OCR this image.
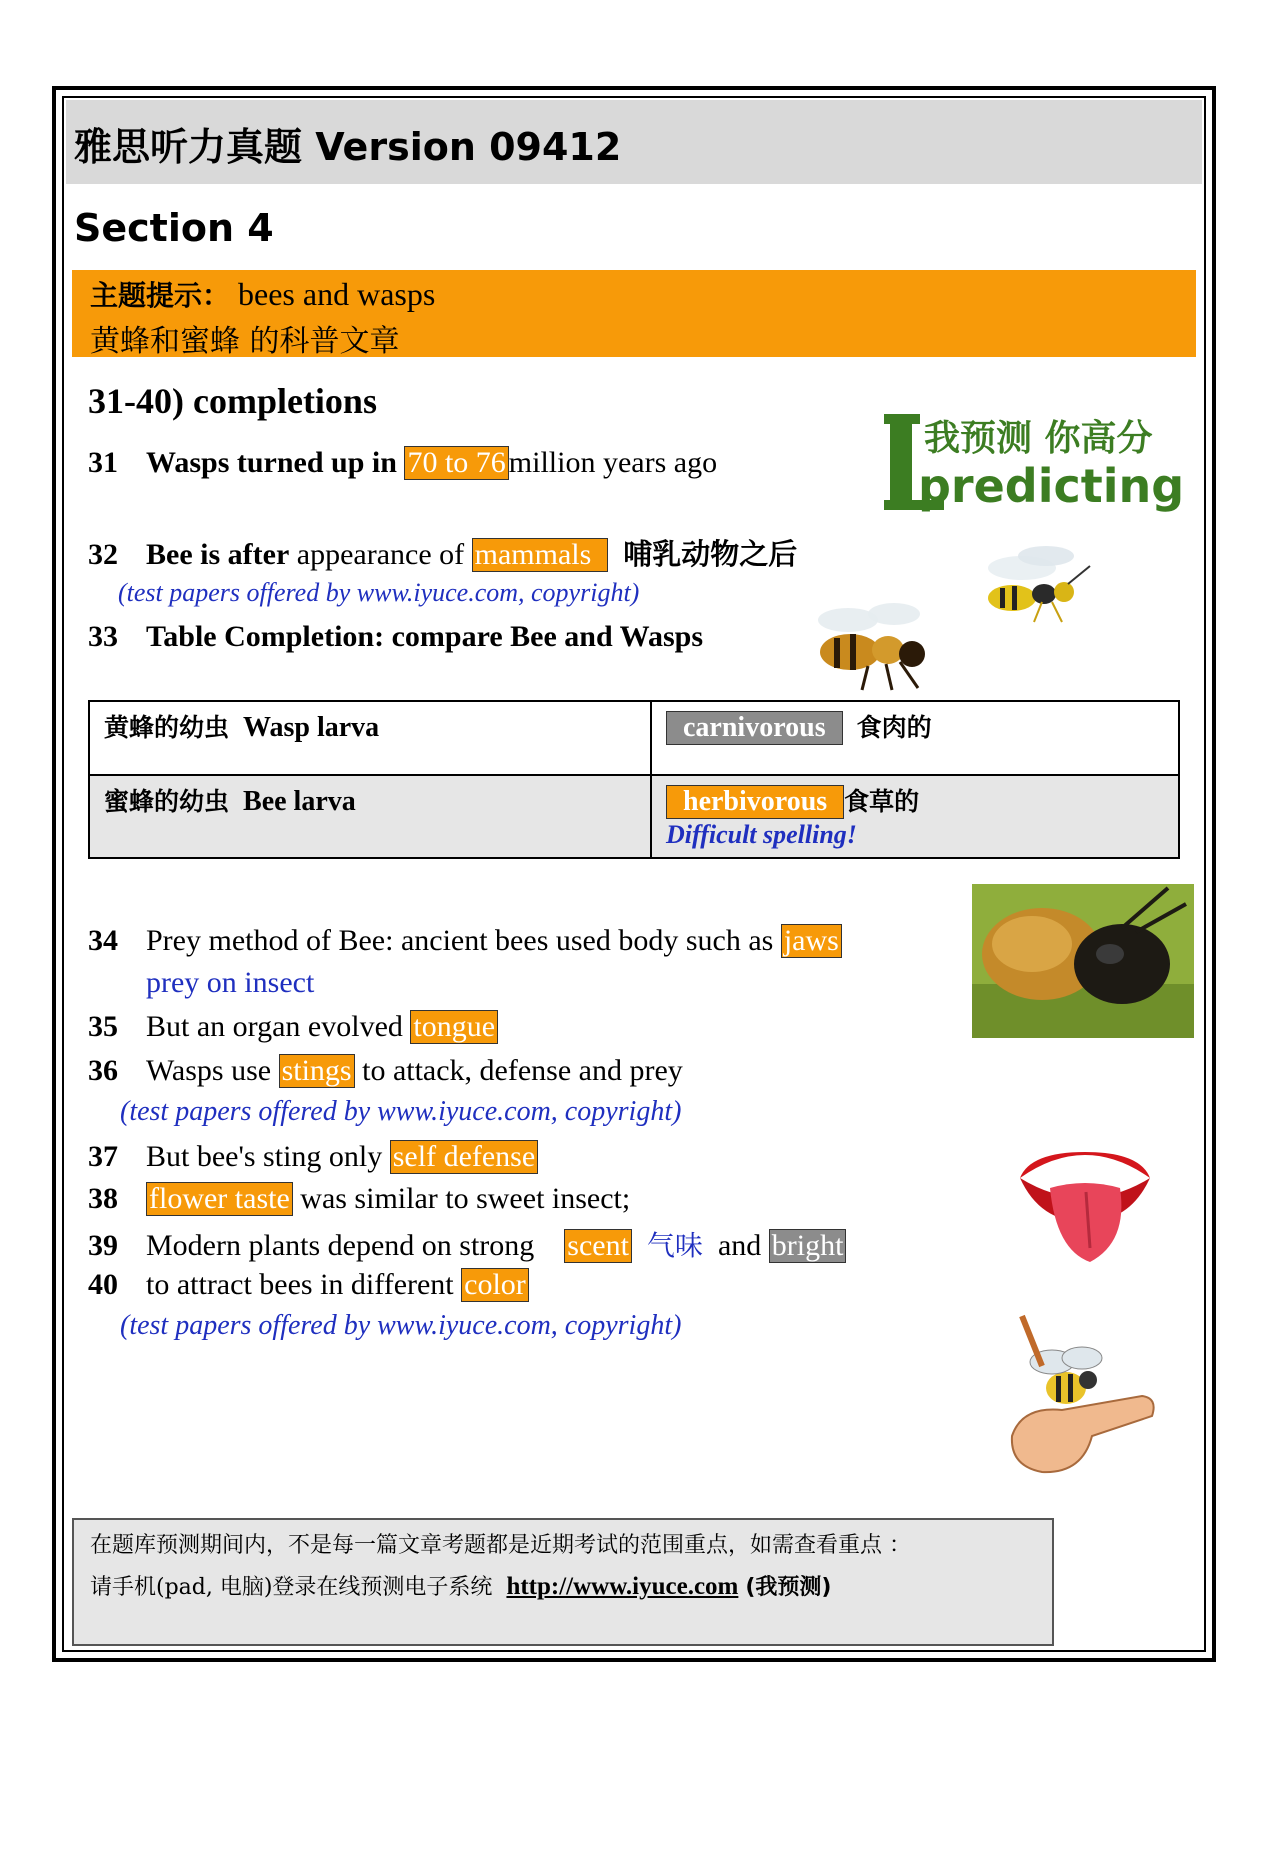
雅思听力真题 Version 09412
Section 4
主题提示： bees and wasps
黄蜂和蜜蜂 的科普文章
31-40) completions
我预测 你高分
predicting
31 Wasps turned up in 70 to 76 million years ago
32 Bee is after appearance of mammals 哺乳动物之后
(test papers offered by www.iyuce.com, copyright)
33 Table Completion: compare Bee and Wasps
黄蜂的幼虫 Wasp larva	carnivorous 食肉的
蜜蜂的幼虫 Bee larva	herbivorous 食草的
Difficult spelling!
34 Prey method of Bee: ancient bees used body such as jaws
prey on insect
35 But an organ evolved tongue
36 Wasps use stings to attack, defense and prey
(test papers offered by www.iyuce.com, copyright)
37 But bee's sting only self defense
38 flower taste was similar to sweet insect;
39 Modern plants depend on strong scent 气味 and bright
40 to attract bees in different color
(test papers offered by www.iyuce.com, copyright)
在题库预测期间内，不是每一篇文章考题都是近期考试的范围重点，如需查看重点 ：
请手机(pad, 电脑)登录在线预测电子系统 http://www.iyuce.com (我预测)
